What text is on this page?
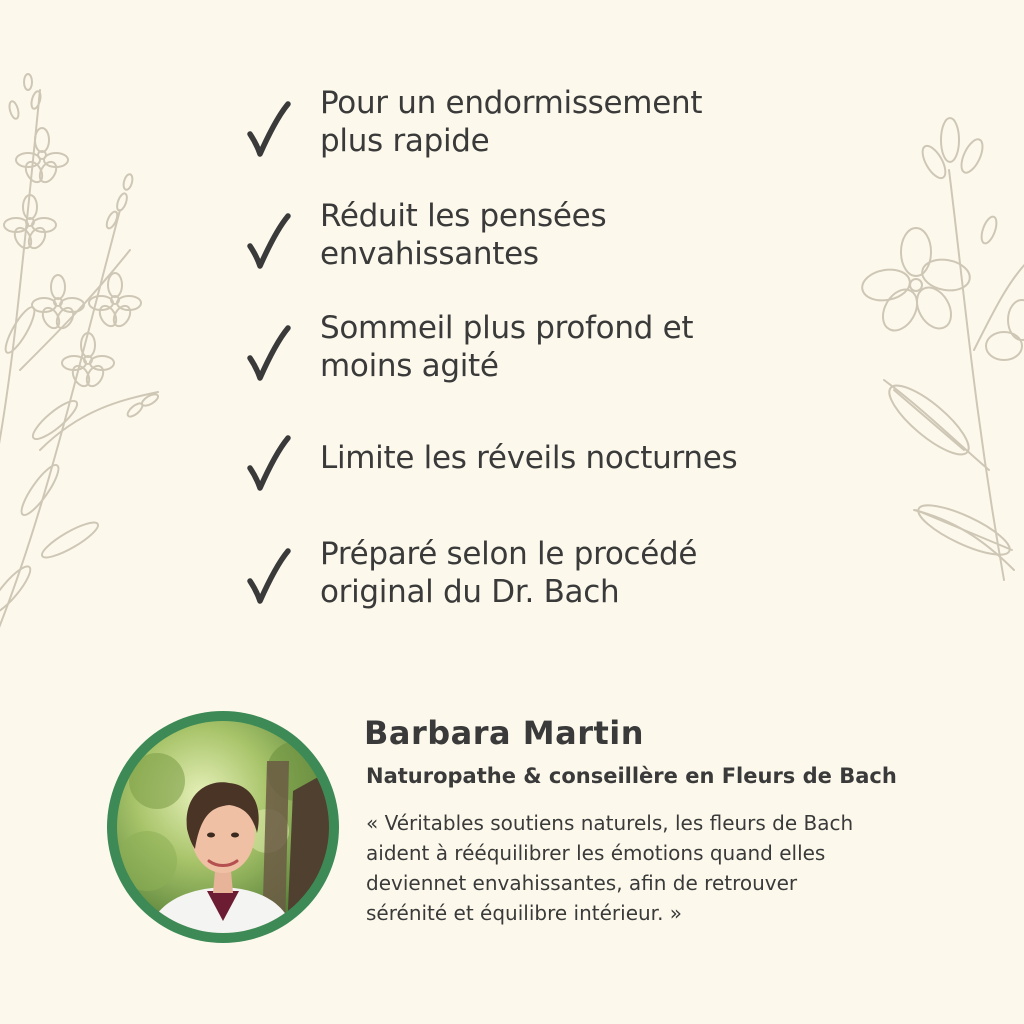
Pour un endormissement
plus rapide
Réduit les pensées
envahissantes
Sommeil plus profond et
moins agité
Limite les réveils nocturnes
Préparé selon le procédé
original du Dr. Bach
Barbara Martin
Naturopathe & conseillère en Fleurs de Bach
« Véritables soutiens naturels, les fleurs de Bach
aident à rééquilibrer les émotions quand elles
deviennet envahissantes, afin de retrouver
sérénité et équilibre intérieur. »
